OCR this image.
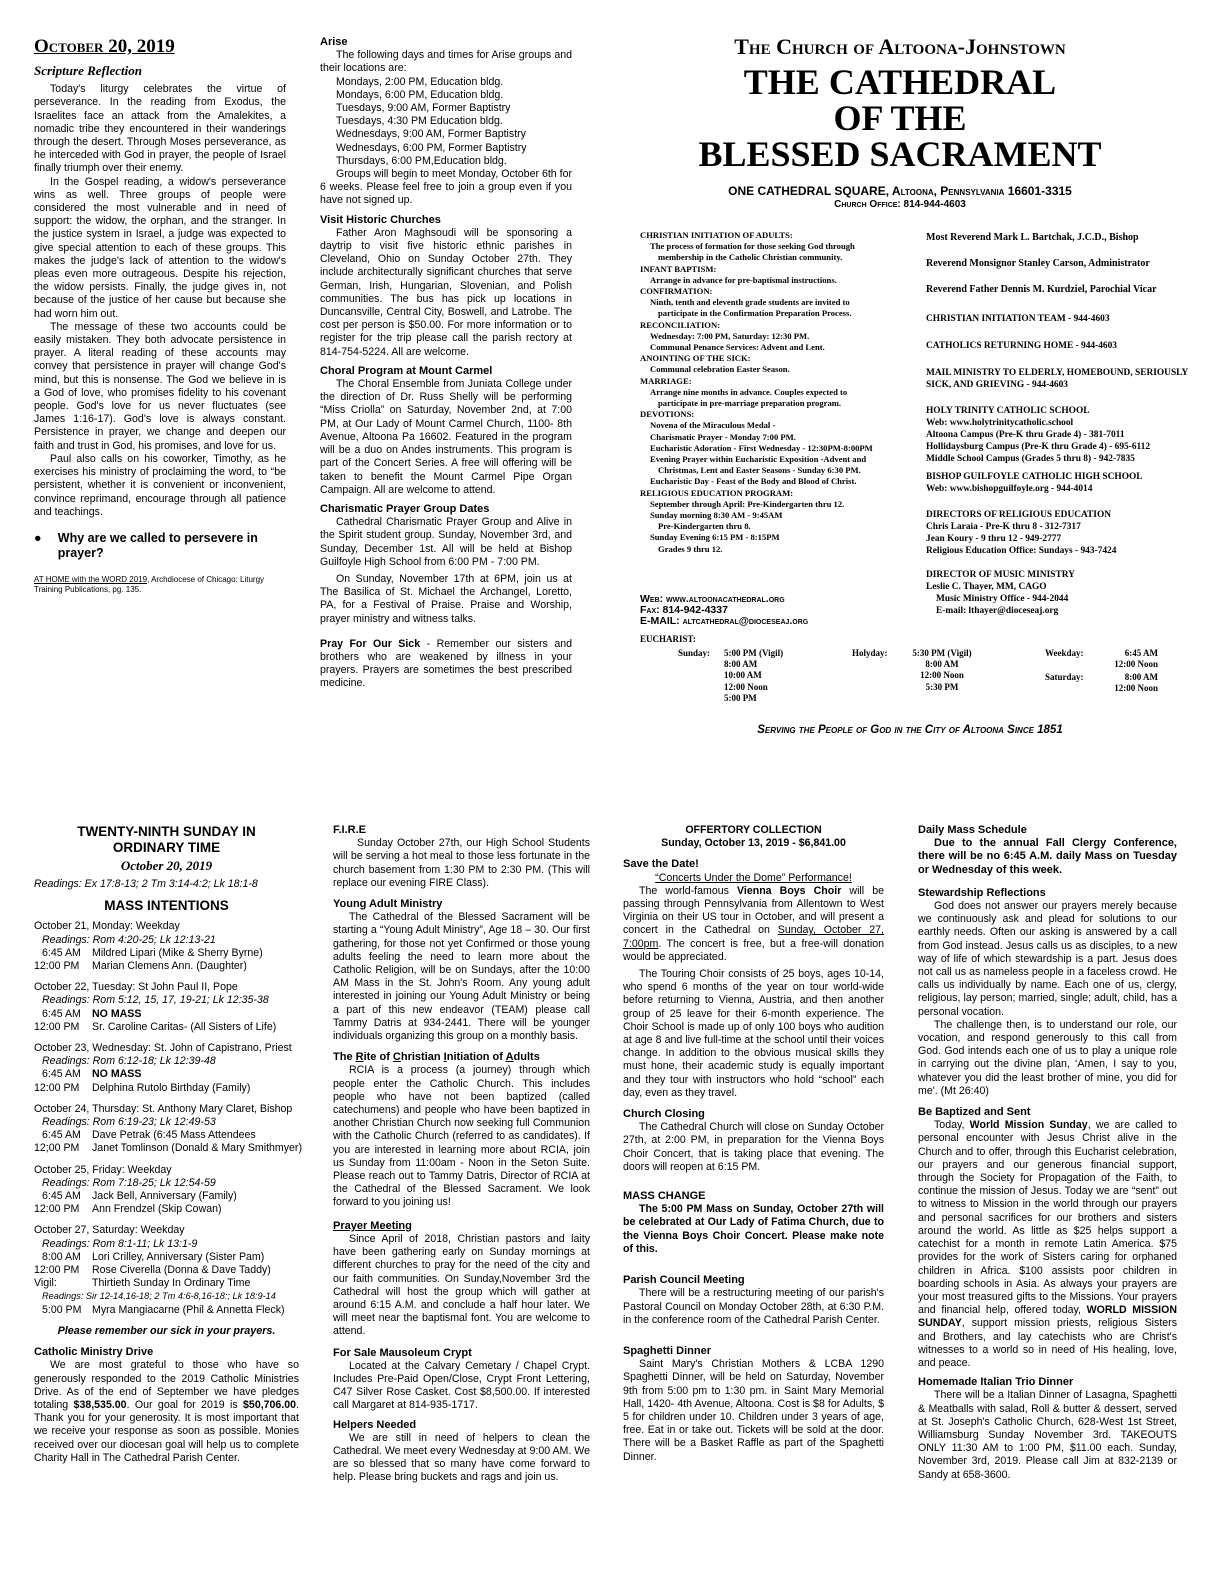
October 20, 2019
Scripture Reflection

Today's liturgy celebrates the virtue of perseverance. In the reading from Exodus, the Israelites face an attack from the Amalekites, a nomadic tribe they encountered in their wanderings through the desert. Through Moses perseverance, as he interceded with God in prayer, the people of Israel finally triumph over their enemy.

In the Gospel reading, a widow's perseverance wins as well. Three groups of people were considered the most vulnerable and in need of support: the widow, the orphan, and the stranger. In the justice system in Israel, a judge was expected to give special attention to each of these groups. This makes the judge's lack of attention to the widow's pleas even more outrageous. Despite his rejection, the widow persists. Finally, the judge gives in, not because of the justice of her cause but because she had worn him out.

The message of these two accounts could be easily mistaken. They both advocate persistence in prayer. A literal reading of these accounts may convey that persistence in prayer will change God's mind, but this is nonsense. The God we believe in is a God of love, who promises fidelity to his covenant people. God's love for us never fluctuates (see James 1:16-17). God's love is always constant. Persistence in prayer, we change and deepen our faith and trust in God, his promises, and love for us.

Paul also calls on his coworker, Timothy, as he exercises his ministry of proclaiming the word, to “be persistent, whether it is convenient or inconvenient, convince reprimand, encourage through all patience and teachings.

●	Why are we called to persevere in prayer?
AT HOME with the WORD 2019, Archdiocese of Chicago: Liturgy Training Publications, pg. 135.
Arise

The following days and times for Arise groups and their locations are:

Mondays, 2:00 PM, Education bldg.
Mondays, 6:00 PM, Education bldg.
Tuesdays, 9:00 AM, Former Baptistry
Tuesdays, 4:30 PM Education bldg.
Wednesdays, 9:00 AM, Former Baptistry
Wednesdays, 6:00 PM, Former Baptistry
Thursdays, 6:00 PM,Education bldg.

Groups will begin to meet Monday, October 6th for 6 weeks. Please feel free to join a group even if you have not signed up.

Visit Historic Churches

Father Aron Maghsoudi will be sponsoring a daytrip to visit five historic ethnic parishes in Cleveland, Ohio on Sunday October 27th. They include architecturally significant churches that serve German, Irish, Hungarian, Slovenian, and Polish communities. The bus has pick up locations in Duncansville, Central City, Boswell, and Latrobe. The cost per person is $50.00. For more information or to register for the trip please call the parish rectory at 814-754-5224. All are welcome.

Choral Program at Mount Carmel

The Choral Ensemble from Juniata College under the direction of Dr. Russ Shelly will be performing “Miss Criolla” on Saturday, November 2nd, at 7:00 PM, at Our Lady of Mount Carmel Church, 1100- 8th Avenue, Altoona Pa 16602. Featured in the program will be a duo on Andes instruments. This program is part of the Concert Series. A free will offering will be taken to benefit the Mount Carmel Pipe Organ Campaign. All are welcome to attend.

Charismatic Prayer Group Dates

Cathedral Charismatic Prayer Group and Alive in the Spirit student group. Sunday, November 3rd, and Sunday, December 1st. All will be held at Bishop Guilfoyle High School from 6:00 PM - 7:00 PM.

On Sunday, November 17th at 6PM, join us at The Basilica of St. Michael the Archangel, Loretto, PA, for a Festival of Praise. Praise and Worship, prayer ministry and witness talks.

Pray For Our Sick - Remember our sisters and brothers who are weakened by illness in your prayers. Prayers are sometimes the best prescribed medicine.

The Church of Altoona-Johnstown
THE CATHEDRAL
OF THE
BLESSED SACRAMENT
ONE CATHEDRAL SQUARE, Altoona, Pennsylvania 16601-3315
Church Office: 814-944-4603
CHRISTIAN INITIATION OF ADULTS:
The process of formation for those seeking God through
membership in the Catholic Christian community.
INFANT BAPTISM:
Arrange in advance for pre-baptismal instructions.
CONFIRMATION:
Ninth, tenth and eleventh grade students are invited to
participate in the Confirmation Preparation Process.
RECONCILIATION:
Wednesday: 7:00 PM, Saturday: 12:30 PM.
Communal Penance Services: Advent and Lent.
ANOINTING OF THE SICK:
Communal celebration Easter Season.
MARRIAGE:
Arrange nine months in advance. Couples expected to
participate in pre-marriage preparation program.
DEVOTIONS:
Novena of the Miraculous Medal -
Charismatic Prayer - Monday 7:00 PM.
Eucharistic Adoration - First Wednesday - 12:30PM-8:00PM
Evening Prayer within Eucharistic Exposition -Advent and
Christmas, Lent and Easter Seasons - Sunday 6:30 PM.
Eucharistic Day - Feast of the Body and Blood of Christ.
RELIGIOUS EDUCATION PROGRAM:
September through April: Pre-Kindergarten thru 12.
Sunday morning 8:30 AM - 9:45AM
Pre-Kindergarten thru 8.
Sunday Evening 6:15 PM - 8:15PM
Grades 9 thru 12.
Web: www.altoonacathedral.org
Fax: 814-942-4337
E-MAIL: altcathedral@dioceseaj.org
EUCHARIST:
Sunday: 5:00 PM (Vigil)
8:00 AM
10:00 AM
12:00 Noon
5:00 PM
Holyday:	5:30 PM (Vigil)
8:00 AM
12:00 Noon
5:30 PM
Weekday:	6:45 AM
12:00 Noon
Saturday:	8:00 AM
12:00 Noon
Serving the People of God in the City of Altoona Since 1851
Most Reverend Mark L. Bartchak, J.C.D., Bishop
Reverend Monsignor Stanley Carson, Administrator
Reverend Father Dennis M. Kurdziel, Parochial Vicar
CHRISTIAN INITIATION TEAM - 944-4603
CATHOLICS RETURNING HOME - 944-4603
MAIL MINISTRY TO ELDERLY, HOMEBOUND, SERIOUSLY SICK, AND GRIEVING - 944-4603
HOLY TRINITY CATHOLIC SCHOOL
Web: www.holytrinitycatholic.school
Altoona Campus (Pre-K thru Grade 4) - 381-7011
Hollidaysburg Campus (Pre-K thru Grade 4) - 695-6112
Middle School Campus (Grades 5 thru 8) - 942-7835
BISHOP GUILFOYLE CATHOLIC HIGH SCHOOL
Web: www.bishopguilfoyle.org - 944-4014
DIRECTORS OF RELIGIOUS EDUCATION
Chris Laraia - Pre-K thru 8 - 312-7317
Jean Koury - 9 thru 12 - 949-2777
Religious Education Office: Sundays - 943-7424
DIRECTOR OF MUSIC MINISTRY
Leslie C. Thayer, MM, CAGO
Music Ministry Office - 944-2044
E-mail: lthayer@dioceseaj.org
TWENTY-NINTH SUNDAY IN ORDINARY TIME
October 20, 2019
Readings: Ex 17:8-13; 2 Tm 3:14-4:2; Lk 18:1-8
MASS INTENTIONS
October 21, Monday: Weekday
Readings: Rom 4:20-25; Lk 12:13-21
6:45 AM Mildred Lipari (Mike & Sherry Byrne)
12:00 PM Marian Clemens Ann. (Daughter)
October 22, Tuesday: St John Paul II, Pope
Readings: Rom 5:12, 15, 17, 19-21; Lk 12:35-38
6:45 AM NO MASS
12:00 PM Sr. Caroline Caritas- (All Sisters of Life)
October 23, Wednesday: St. John of Capistrano, Priest
Readings: Rom 6:12-18; Lk 12:39-48
6:45 AM NO MASS
12:00 PM Delphina Rutolo Birthday (Family)
October 24, Thursday: St. Anthony Mary Claret, Bishop
Readings: Rom 6:19-23; Lk 12:49-53
6:45 AM Dave Petrak (6:45 Mass Attendees
12;00 PM Janet Tomlinson (Donald & Mary Smithmyer)
October 25, Friday: Weekday
Readings: Rom 7:18-25; Lk 12:54-59
6:45 AM Jack Bell, Anniversary (Family)
12:00 PM Ann Frendzel (Skip Cowan)
October 27, Saturday: Weekday
Readings: Rom 8:1-11; Lk 13:1-9
8:00 AM Lori Crilley, Anniversary (Sister Pam)
12:00 PM Rose Civerella (Donna & Dave Taddy)
Vigil:	Thirtieth Sunday In Ordinary Time
Readings: Sir 12-14,16-18; 2 Tm 4:6-8,16-18:; Lk 18:9-14
5:00 PM Myra Mangiacarne (Phil & Annetta Fleck)
Please remember our sick in your prayers.
Catholic Ministry Drive

We are most grateful to those who have so generously responded to the 2019 Catholic Ministries Drive. As of the end of September we have pledges totaling $38,535.00. Our goal for 2019 is $50,706.00. Thank you for your generosity. It is most important that we receive your response as soon as possible. Monies received over our diocesan goal will help us to complete Charity Hall in The Cathedral Parish Center.

F.I.R.E

Sunday October 27th, our High School Students will be serving a hot meal to those less fortunate in the church basement from 1:30 PM to 2:30 PM. (This will replace our evening FIRE Class).

Young Adult Ministry

The Cathedral of the Blessed Sacrament will be starting a “Young Adult Ministry”, Age 18 – 30. Our first gathering, for those not yet Confirmed or those young adults feeling the need to learn more about the Catholic Religion, will be on Sundays, after the 10:00 AM Mass in the St. John's Room. Any young adult interested in joining our Young Adult Ministry or being a part of this new endeavor (TEAM) please call Tammy Datris at 934-2441. There will be younger individuals organizing this group on a monthly basis.

The Rite of Christian Initiation of Adults

RCIA is a process (a journey) through which people enter the Catholic Church. This includes people who have not been baptized (called catechumens) and people who have been baptized in another Christian Church now seeking full Communion with the Catholic Church (referred to as candidates). If you are interested in learning more about RCIA, join us Sunday from 11:00am - Noon in the Seton Suite. Please reach out to Tammy Datris, Director of RCIA at the Cathedral of the Blessed Sacrament. We look forward to you joining us!

Prayer Meeting

Since April of 2018, Christian pastors and laity have been gathering early on Sunday mornings at different churches to pray for the need of the city and our faith communities. On Sunday,November 3rd the Cathedral will host the group which will gather at around 6:15 A.M. and conclude a half hour later. We will meet near the baptismal font. You are welcome to attend.

For Sale Mausoleum Crypt

Located at the Calvary Cemetary / Chapel Crypt. Includes Pre-Paid Open/Close, Crypt Front Lettering, C47 Silver Rose Casket. Cost $8,500.00. If interested call Margaret at 814-935-1717.

Helpers Needed

We are still in need of helpers to clean the Cathedral. We meet every Wednesday at 9:00 AM. We are so blessed that so many have come forward to help. Please bring buckets and rags and join us.

OFFERTORY COLLECTION
Sunday, October 13, 2019 - $6,841.00
Save the Date!
“Concerts Under the Dome” Performance!

The world-famous Vienna Boys Choir will be passing through Pennsylvania from Allentown to West Virginia on their US tour in October, and will present a concert in the Cathedral on Sunday, October 27, 7:00pm. The concert is free, but a free-will donation would be appreciated.

The Touring Choir consists of 25 boys, ages 10-14, who spend 6 months of the year on tour world-wide before returning to Vienna, Austria, and then another group of 25 leave for their 6-month experience. The Choir School is made up of only 100 boys who audition at age 8 and live full-time at the school until their voices change. In addition to the obvious musical skills they must hone, their academic study is equally important and they tour with instructors who hold “school” each day, even as they travel.

Church Closing

The Cathedral Church will close on Sunday October 27th, at 2:00 PM, in preparation for the Vienna Boys Choir Concert, that is taking place that evening. The doors will reopen at 6:15 PM.

MASS CHANGE

The 5:00 PM Mass on Sunday, October 27th will be celebrated at Our Lady of Fatima Church, due to the Vienna Boys Choir Concert. Please make note of this.

Parish Council Meeting

There will be a restructuring meeting of our parish's Pastoral Council on Monday October 28th, at 6:30 P.M. in the conference room of the Cathedral Parish Center.

Spaghetti Dinner

Saint Mary's Christian Mothers & LCBA 1290 Spaghetti Dinner, will be held on Saturday, November 9th from 5:00 pm to 1:30 pm. in Saint Mary Memorial Hall, 1420- 4th Avenue, Altoona. Cost is $8 for Adults, $ 5 for children under 10. Children under 3 years of age, free. Eat in or take out. Tickets will be sold at the door. There will be a Basket Raffle as part of the Spaghetti Dinner.

Daily Mass Schedule

Due to the annual Fall Clergy Conference, there will be no 6:45 A.M. daily Mass on Tuesday or Wednesday of this week.

Stewardship Reflections

God does not answer our prayers merely because we continuously ask and plead for solutions to our earthly needs. Often our asking is answered by a call from God instead. Jesus calls us as disciples, to a new way of life of which stewardship is a part. Jesus does not call us as nameless people in a faceless crowd. He calls us individually by name. Each one of us, clergy, religious, lay person; married, single; adult, child, has a personal vocation.

The challenge then, is to understand our role, our vocation, and respond generously to this call from God. God intends each one of us to play a unique role in carrying out the divine plan, ‘Amen, I say to you, whatever you did the least brother of mine, you did for me'. (Mt 26:40)

Be Baptized and Sent

Today, World Mission Sunday, we are called to personal encounter with Jesus Christ alive in the Church and to offer, through this Eucharist celebration, our prayers and our generous financial support, through the Society for Propagation of the Faith, to continue the mission of Jesus. Today we are “sent” out to witness to Mission in the world through our prayers and personal sacrifices for our brothers and sisters around the world. As little as $25 helps support a catechist for a month in remote Latin America. $75 provides for the work of Sisters caring for orphaned children in Africa. $100 assists poor children in boarding schools in Asia. As always your prayers are your most treasured gifts to the Missions. Your prayers and financial help, offered today, WORLD MISSION SUNDAY, support mission priests, religious Sisters and Brothers, and lay catechists who are Christ's witnesses to a world so in need of His healing, love, and peace.

Homemade Italian Trio Dinner

There will be a Italian Dinner of Lasagna, Spaghetti & Meatballs with salad, Roll & butter & dessert, served at St. Joseph's Catholic Church, 628-West 1st Street, Williamsburg Sunday November 3rd. TAKEOUTS ONLY 11:30 AM to 1:00 PM, $11.00 each. Sunday, November 3rd, 2019. Please call Jim at 832-2139 or Sandy at 658-3600.
